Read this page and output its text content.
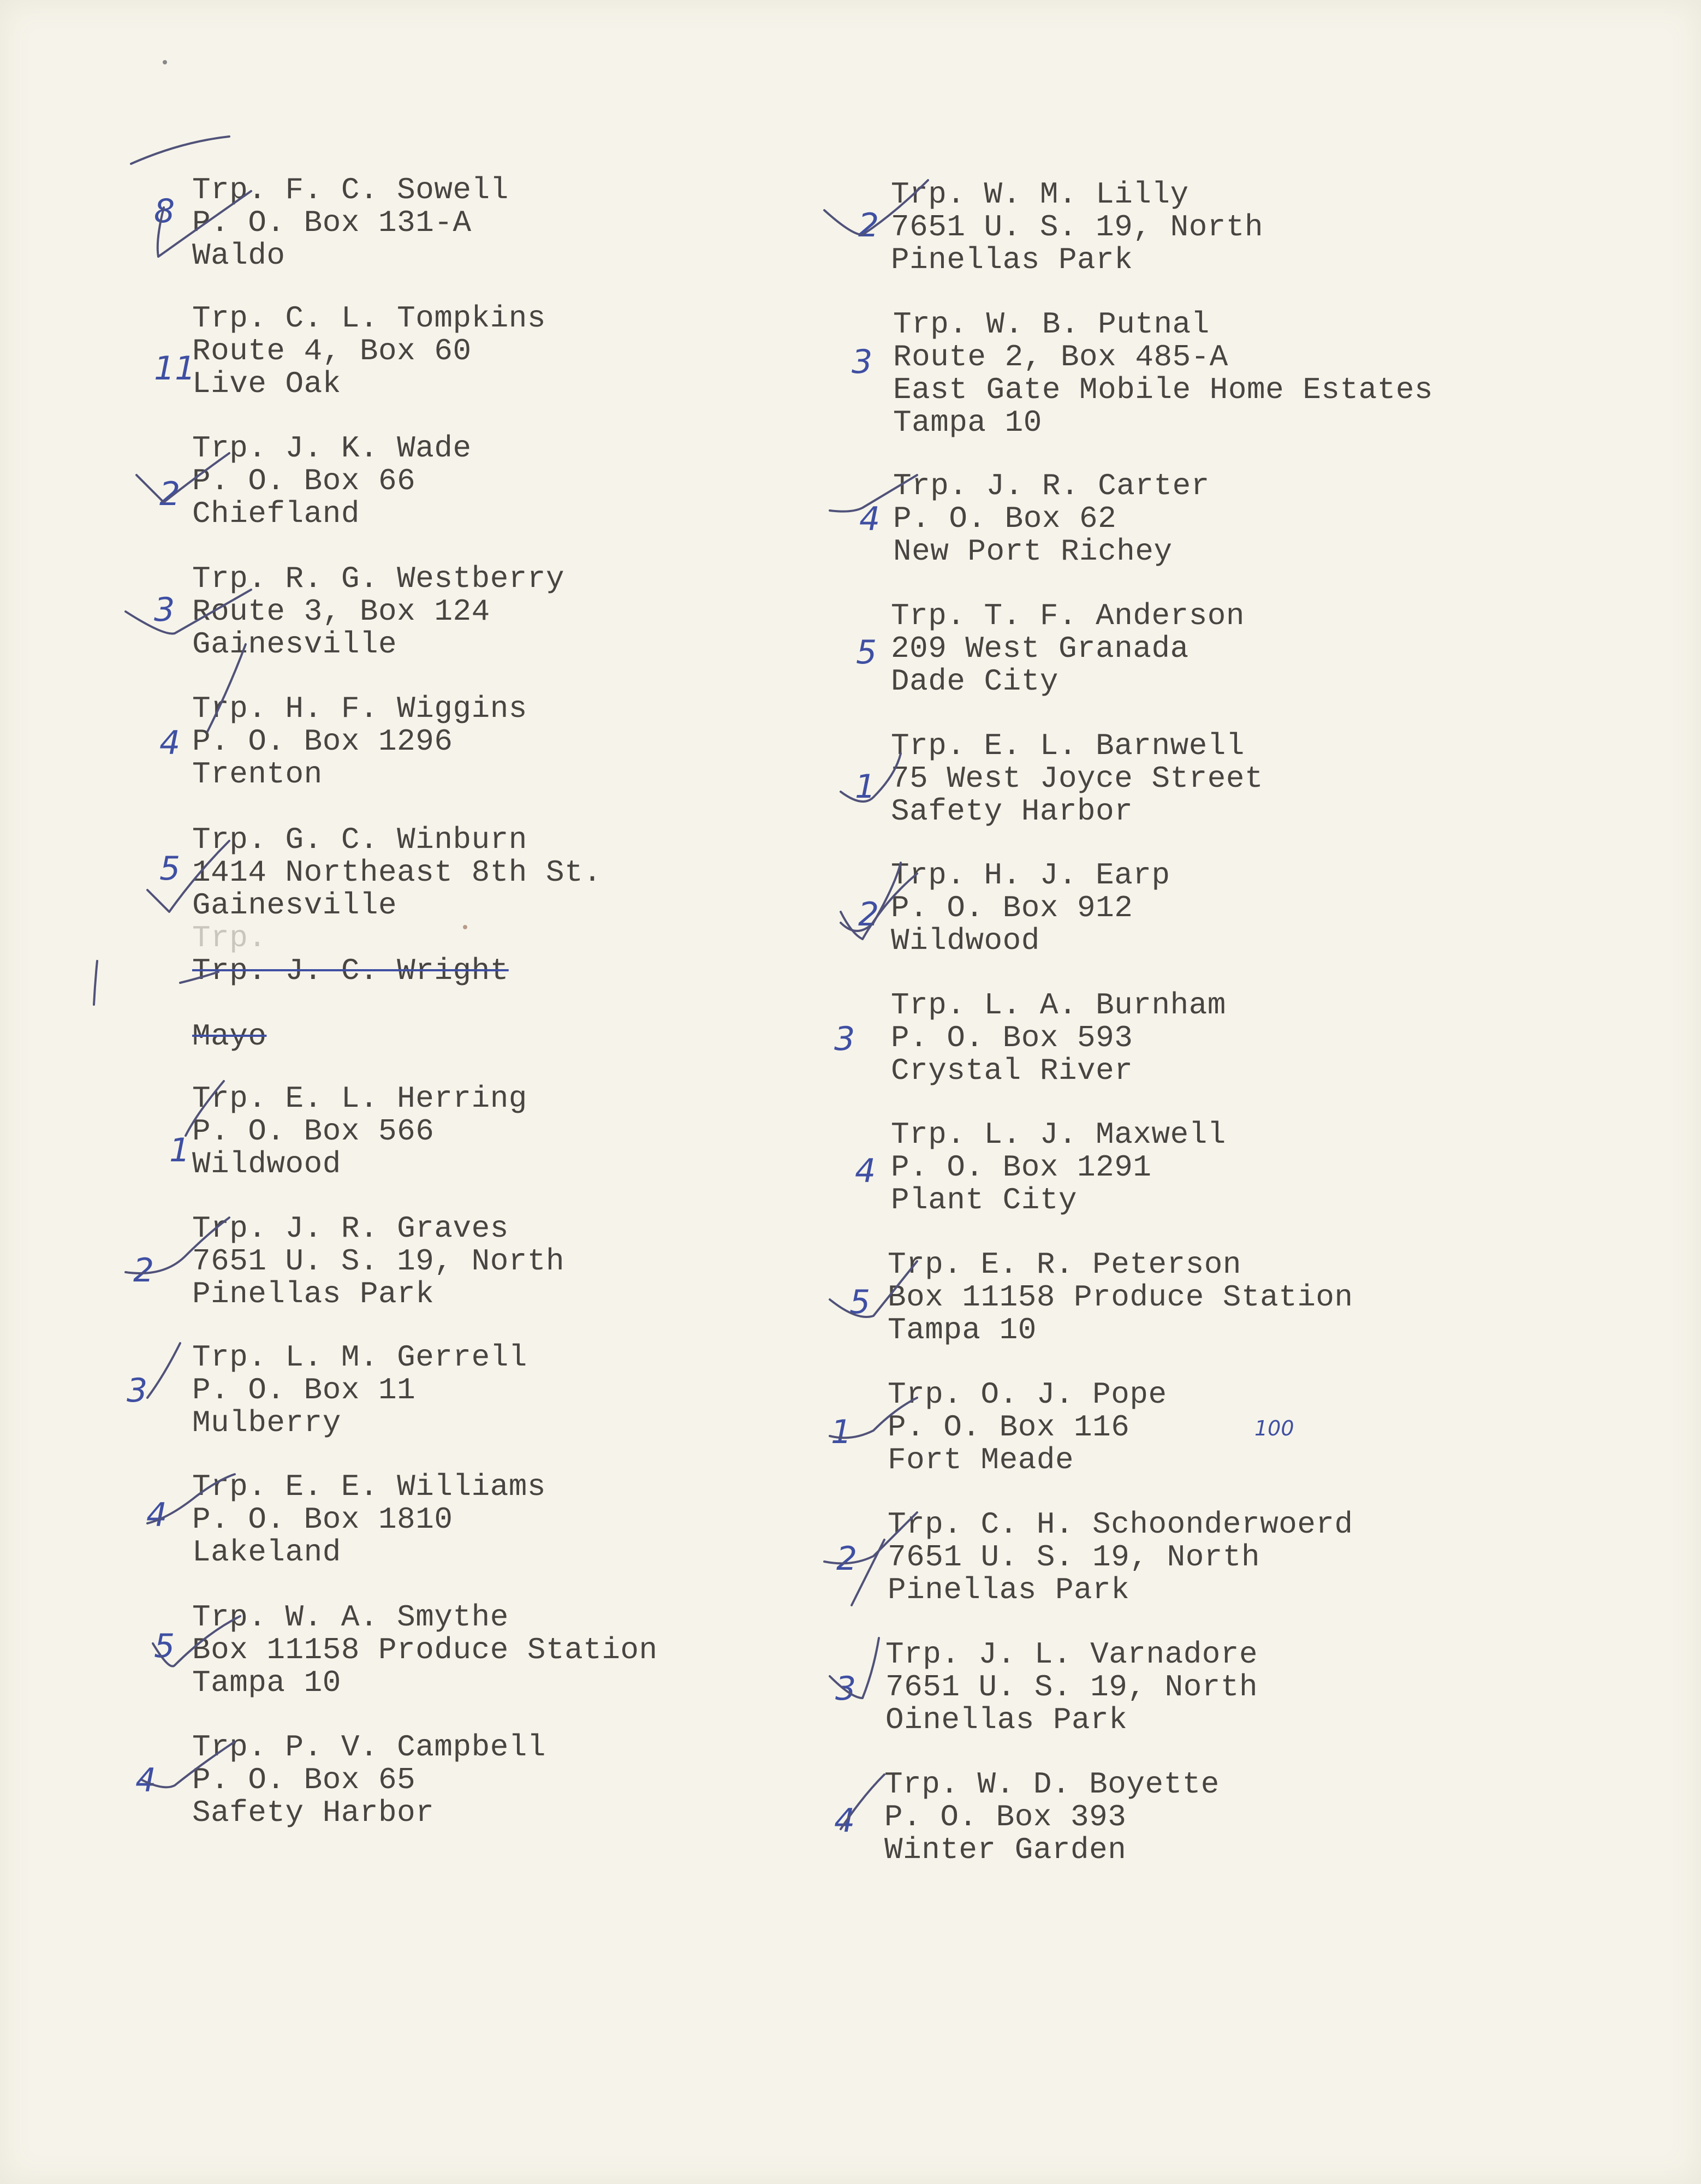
Trp. F. C. Sowell
P. O. Box 131-A
Waldo
8
Trp. C. L. Tompkins
Route 4, Box 60
Live Oak
11
Trp. J. K. Wade
P. O. Box 66
Chiefland
2
Trp. R. G. Westberry
Route 3, Box 124
Gainesville
3
Trp. H. F. Wiggins
P. O. Box 1296
Trenton
4
Trp. G. C. Winburn
1414 Northeast 8th St.
Gainesville
5
Trp.
Trp. J. C. Wright
Mayo
Trp. E. L. Herring
P. O. Box 566
Wildwood
1
Trp. J. R. Graves
7651 U. S. 19, North
Pinellas Park
2
Trp. L. M. Gerrell
P. O. Box 11
Mulberry
3
Trp. E. E. Williams
P. O. Box 1810
Lakeland
4
Trp. W. A. Smythe
Box 11158 Produce Station
Tampa 10
5
Trp. P. V. Campbell
P. O. Box 65
Safety Harbor
4
Trp. W. M. Lilly
7651 U. S. 19, North
Pinellas Park
2
Trp. W. B. Putnal
Route 2, Box 485-A
East Gate Mobile Home Estates
Tampa 10
3
Trp. J. R. Carter
P. O. Box 62
New Port Richey
4
Trp. T. F. Anderson
209 West Granada
Dade City
5
Trp. E. L. Barnwell
75 West Joyce Street
Safety Harbor
1
Trp. H. J. Earp
P. O. Box 912
Wildwood
2
Trp. L. A. Burnham
P. O. Box 593
Crystal River
3
Trp. L. J. Maxwell
P. O. Box 1291
Plant City
4
Trp. E. R. Peterson
Box 11158 Produce Station
Tampa 10
5
Trp. O. J. Pope
P. O. Box 116
Fort Meade
1	100
Trp. C. H. Schoonderwoerd
7651 U. S. 19, North
Pinellas Park
2
Trp. J. L. Varnadore
7651 U. S. 19, North
Oinellas Park
3
Trp. W. D. Boyette
P. O. Box 393
Winter Garden
4
